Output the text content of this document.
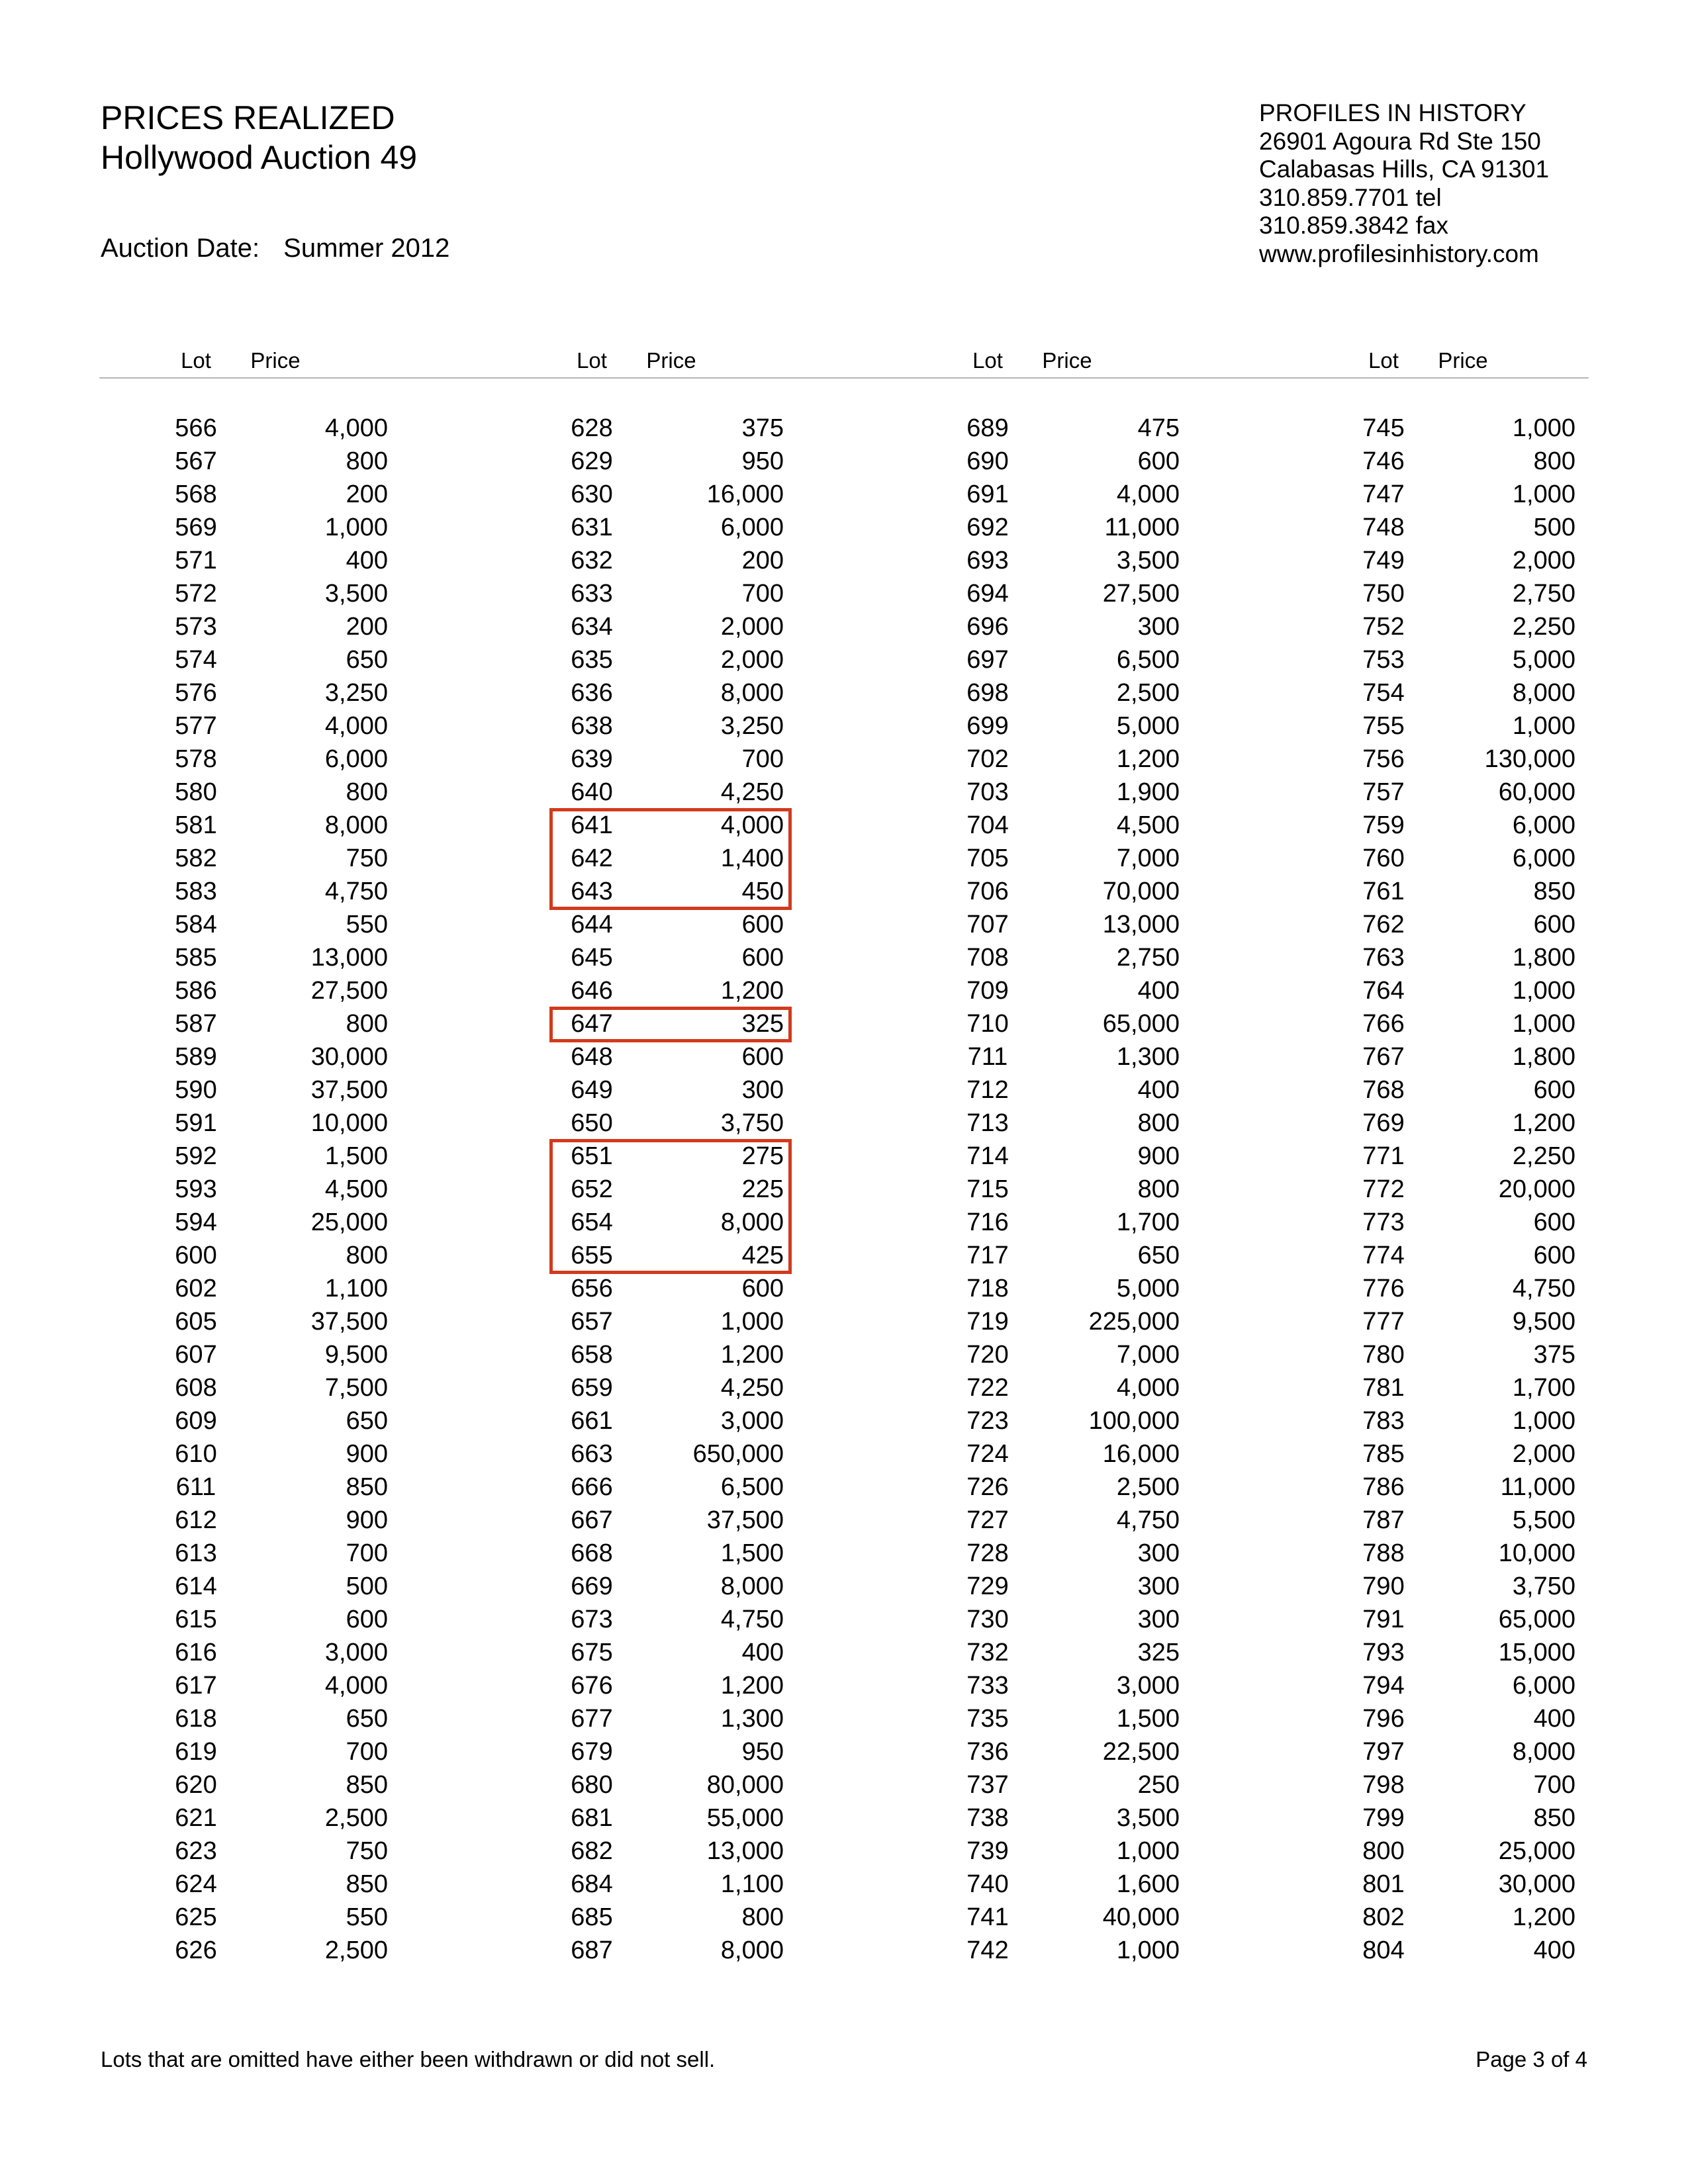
PRICES REALIZED
Hollywood Auction 49
Auction Date: Summer 2012
PROFILES IN HISTORY
26901 Agoura Rd Ste 150
Calabasas Hills, CA 91301
310.859.7701 tel
310.859.3842 fax
www.profilesinhistory.com
Lot	Price
566	4,000
567	800
568	200
569	1,000
571	400
572	3,500
573	200
574	650
576	3,250
577	4,000
578	6,000
580	800
581	8,000
582	750
583	4,750
584	550
585	13,000
586	27,500
587	800
589	30,000
590	37,500
591	10,000
592	1,500
593	4,500
594	25,000
600	800
602	1,100
605	37,500
607	9,500
608	7,500
609	650
610	900
611	850
612	900
613	700
614	500
615	600
616	3,000
617	4,000
618	650
619	700
620	850
621	2,500
623	750
624	850
625	550
626	2,500
Lot	Price
628	375
629	950
630	16,000
631	6,000
632	200
633	700
634	2,000
635	2,000
636	8,000
638	3,250
639	700
640	4,250
641	4,000
642	1,400
643	450
644	600
645	600
646	1,200
647	325
648	600
649	300
650	3,750
651	275
652	225
654	8,000
655	425
656	600
657	1,000
658	1,200
659	4,250
661	3,000
663	650,000
666	6,500
667	37,500
668	1,500
669	8,000
673	4,750
675	400
676	1,200
677	1,300
679	950
680	80,000
681	55,000
682	13,000
684	1,100
685	800
687	8,000
Lot	Price
689	475
690	600
691	4,000
692	11,000
693	3,500
694	27,500
696	300
697	6,500
698	2,500
699	5,000
702	1,200
703	1,900
704	4,500
705	7,000
706	70,000
707	13,000
708	2,750
709	400
710	65,000
711	1,300
712	400
713	800
714	900
715	800
716	1,700
717	650
718	5,000
719	225,000
720	7,000
722	4,000
723	100,000
724	16,000
726	2,500
727	4,750
728	300
729	300
730	300
732	325
733	3,000
735	1,500
736	22,500
737	250
738	3,500
739	1,000
740	1,600
741	40,000
742	1,000
Lot	Price
745	1,000
746	800
747	1,000
748	500
749	2,000
750	2,750
752	2,250
753	5,000
754	8,000
755	1,000
756	130,000
757	60,000
759	6,000
760	6,000
761	850
762	600
763	1,800
764	1,000
766	1,000
767	1,800
768	600
769	1,200
771	2,250
772	20,000
773	600
774	600
776	4,750
777	9,500
780	375
781	1,700
783	1,000
785	2,000
786	11,000
787	5,500
788	10,000
790	3,750
791	65,000
793	15,000
794	6,000
796	400
797	8,000
798	700
799	850
800	25,000
801	30,000
802	1,200
804	400
Lots that are omitted have either been withdrawn or did not sell.	Page 3 of 4
